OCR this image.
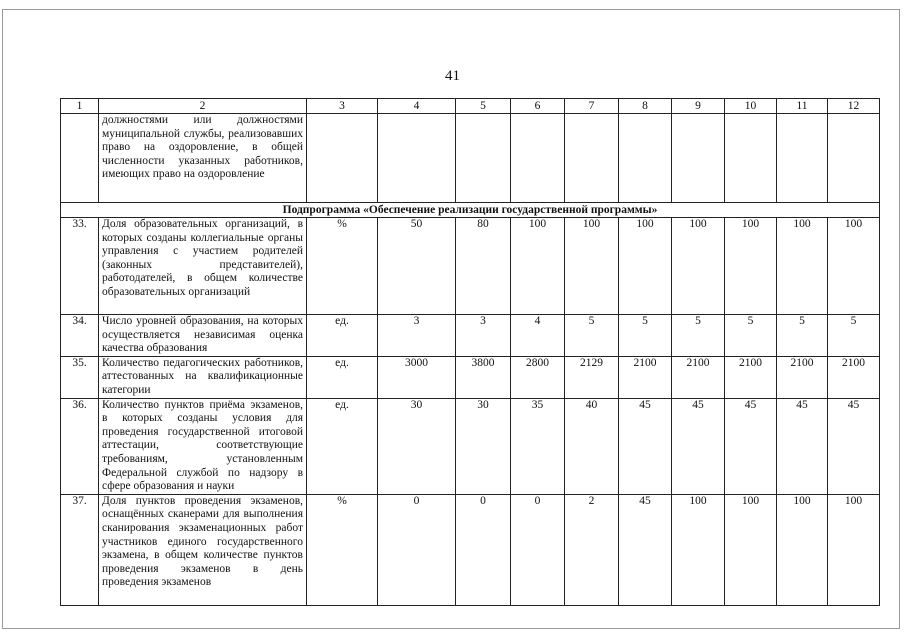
41
1	2	3	4	5	6	7	8	9	10	11	12
	должностями или должностями муниципальной службы, реализовавших право на оздоровление, в общей численности указанных работников, имеющих право на оздоровление										
Подпрограмма «Обеспечение реализации государственной программы»											
33.	Доля образовательных организаций, в которых созданы коллегиальные органы управления с участием родителей (законных представителей), работодателей, в общем количестве образовательных организаций	%	50	80	100	100	100	100	100	100	100
34.	Число уровней образования, на которых осуществляется независимая оценка качества образования	ед.	3	3	4	5	5	5	5	5	5
35.	Количество педагогических работников, аттестованных на квалификационные категории	ед.	3000	3800	2800	2129	2100	2100	2100	2100	2100
36.	Количество пунктов приёма экзаменов, в которых созданы условия для проведения государственной итоговой аттестации, соответствующие требованиям, установленным Федеральной службой по надзору в сфере образования и науки	ед.	30	30	35	40	45	45	45	45	45
37.	Доля пунктов проведения экзаменов, оснащённых сканерами для выполнения сканирования экзаменационных работ участников единого государственного экзамена, в общем количестве пунктов проведения экзаменов в день проведения экзаменов	%	0	0	0	2	45	100	100	100	100
